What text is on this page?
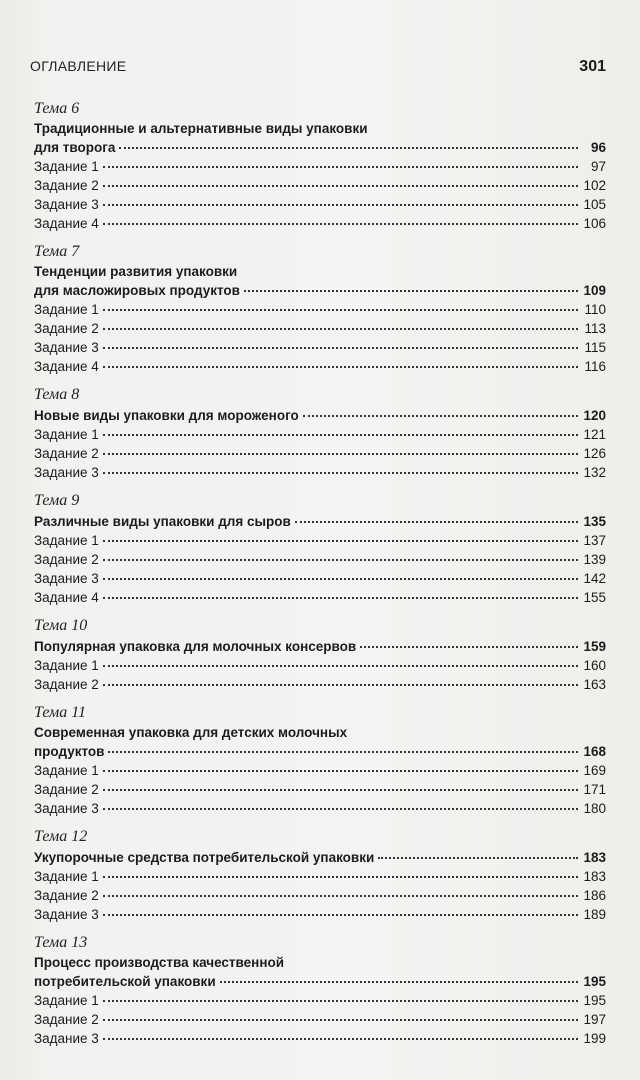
ОГЛАВЛЕНИЕ	301
Тема 6
Традиционные и альтернативные виды упаковки
для творога	96
Задание 1	97
Задание 2	102
Задание 3	105
Задание 4	106
Тема 7
Тенденции развития упаковки
для масложировых продуктов	109
Задание 1	110
Задание 2	113
Задание 3	115
Задание 4	116
Тема 8
Новые виды упаковки для мороженого	120
Задание 1	121
Задание 2	126
Задание 3	132
Тема 9
Различные виды упаковки для сыров	135
Задание 1	137
Задание 2	139
Задание 3	142
Задание 4	155
Тема 10
Популярная упаковка для молочных консервов	159
Задание 1	160
Задание 2	163
Тема 11
Современная упаковка для детских молочных
продуктов	168
Задание 1	169
Задание 2	171
Задание 3	180
Тема 12
Укупорочные средства потребительской упаковки	183
Задание 1	183
Задание 2	186
Задание 3	189
Тема 13
Процесс производства качественной
потребительской упаковки	195
Задание 1	195
Задание 2	197
Задание 3	199
